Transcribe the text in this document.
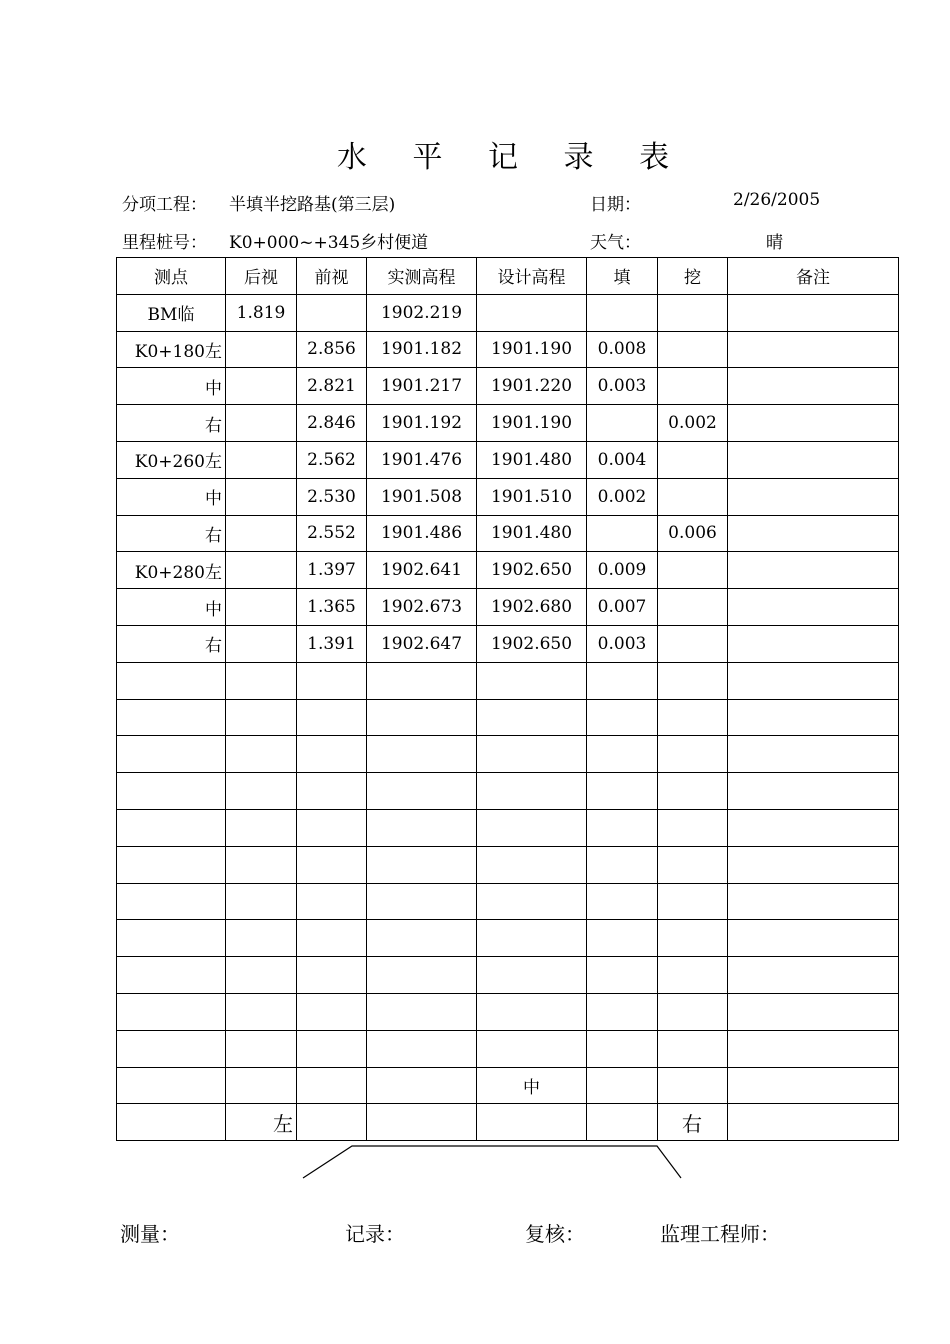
水 平 记 录 表
分项工程： 半填半挖路基(第三层)	日期：	2/26/2005
里程桩号： K0+000~+345乡村便道	天气：	晴
测点	后视	前视	实测高程	设计高程	填	挖	备注
BM临	1.819		1902.219				
K0+180左		2.856	1901.182	1901.190	0.008		
中		2.821	1901.217	1901.220	0.003		
右		2.846	1901.192	1901.190		0.002	
K0+260左		2.562	1901.476	1901.480	0.004		
中		2.530	1901.508	1901.510	0.002		
右		2.552	1901.486	1901.480		0.006	
K0+280左		1.397	1902.641	1902.650	0.009		
中		1.365	1902.673	1902.680	0.007		
右		1.391	1902.647	1902.650	0.003		

				中			
	左					右	
测量：	记录：	复核：	监理工程师：
